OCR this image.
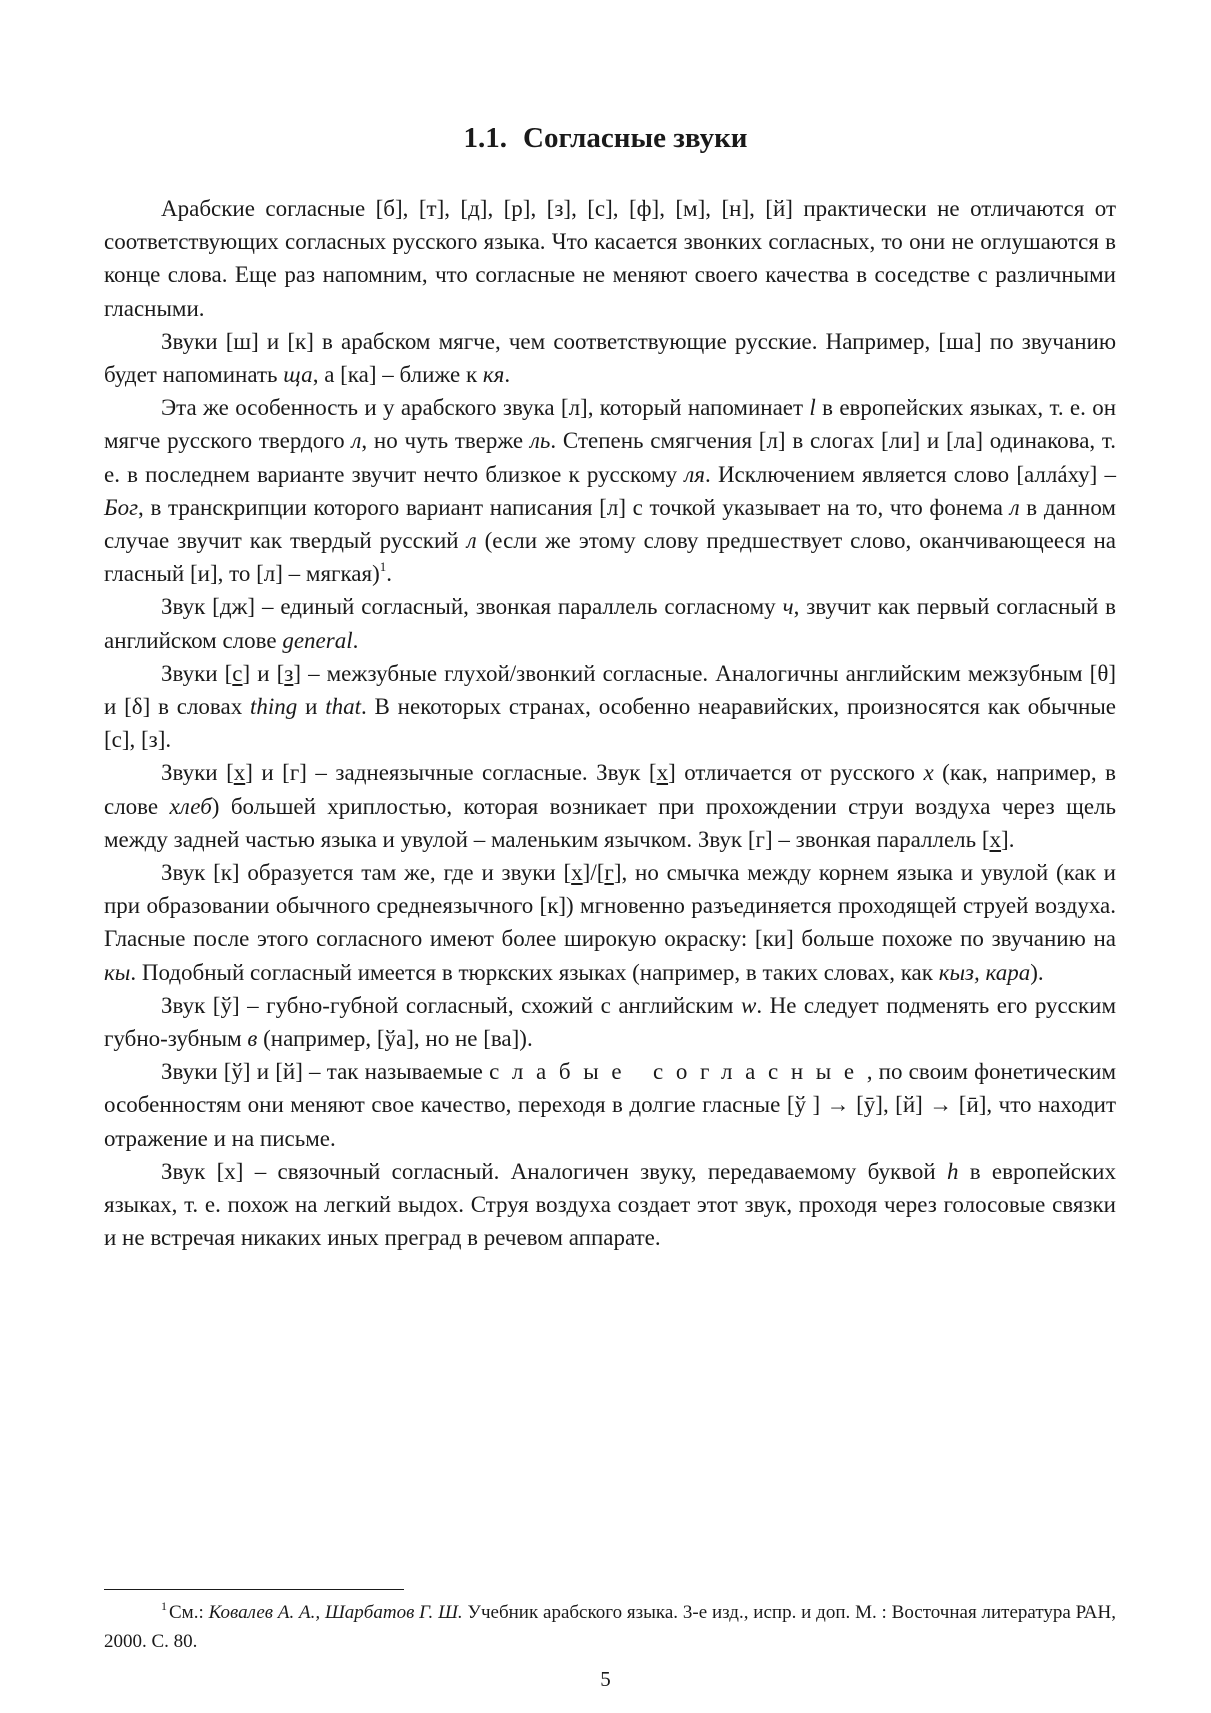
1.1. Согласные звуки

Арабские согласные [б], [т], [д], [р], [з], [с], [ф], [м], [н], [й] практически не отличаются от соответствующих согласных русского языка. Что касается звонких согласных, то они не оглушаются в конце слова. Еще раз напомним, что согласные не меняют своего качества в соседстве с различными гласными.

Звуки [ш] и [к] в арабском мягче, чем соответствующие русские. Например, [ша] по звучанию будет напоминать ща, а [ка] – ближе к кя.

Эта же особенность и у арабского звука [л], который напоминает l в европейских языках, т. е. он мягче русского твердого л, но чуть тверже ль. Степень смягчения [л] в слогах [ли] и [ла] одинакова, т. е. в последнем варианте звучит нечто близкое к русскому ля. Исключением является слово [аллáху] – Бог, в транскрипции которого вариант написания [л] с точкой указывает на то, что фонема л в данном случае звучит как твердый русский л (если же этому слову предшествует слово, оканчивающееся на гласный [и], то [л] – мягкая)$^1$.

Звук [дж] – единый согласный, звонкая параллель согласному ч, звучит как первый согласный в английском слове general.

Звуки [с] и [з] – межзубные глухой/звонкий согласные. Аналогичны английским межзубным [θ] и [δ] в словах thing и that. В некоторых странах, особенно неаравийских, произносятся как обычные [с], [з].

Звуки [х] и [г] – заднеязычные согласные. Звук [х] отличается от русского х (как, например, в слове хлеб) большей хриплостью, которая возникает при прохождении струи воздуха через щель между задней частью языка и увулой – маленьким язычком. Звук [г] – звонкая параллель [х].

Звук [к] образуется там же, где и звуки [х]/[г], но смычка между корнем языка и увулой (как и при образовании обычного среднеязычного [к]) мгновенно разъединяется проходящей струей воздуха. Гласные после этого согласного имеют более широкую окраску: [ки] больше похоже по звучанию на кы. Подобный согласный имеется в тюркских языках (например, в таких словах, как кыз, кара).

Звук [ў] – губно-губной согласный, схожий с английским w. Не следует подменять его русским губно-зубным в (например, [ўа], но не [ва]).

Звуки [ў] и [й] – так называемые слабые согласные, по своим фонетическим особенностям они меняют свое качество, переходя в долгие гласные [ў ] → [ӯ], [й] → [ӣ], что находит отражение и на письме.

Звук [х] – связочный согласный. Аналогичен звуку, передаваемому буквой h в европейских языках, т. е. похож на легкий выдох. Струя воздуха создает этот звук, проходя через голосовые связки и не встречая никаких иных преград в речевом аппарате.

$^1$ См.: Ковалев А. А., Шарбатов Г. Ш. Учебник арабского языка. 3-е изд., испр. и доп. М. : Восточная литература РАН, 2000. С. 80.

5
